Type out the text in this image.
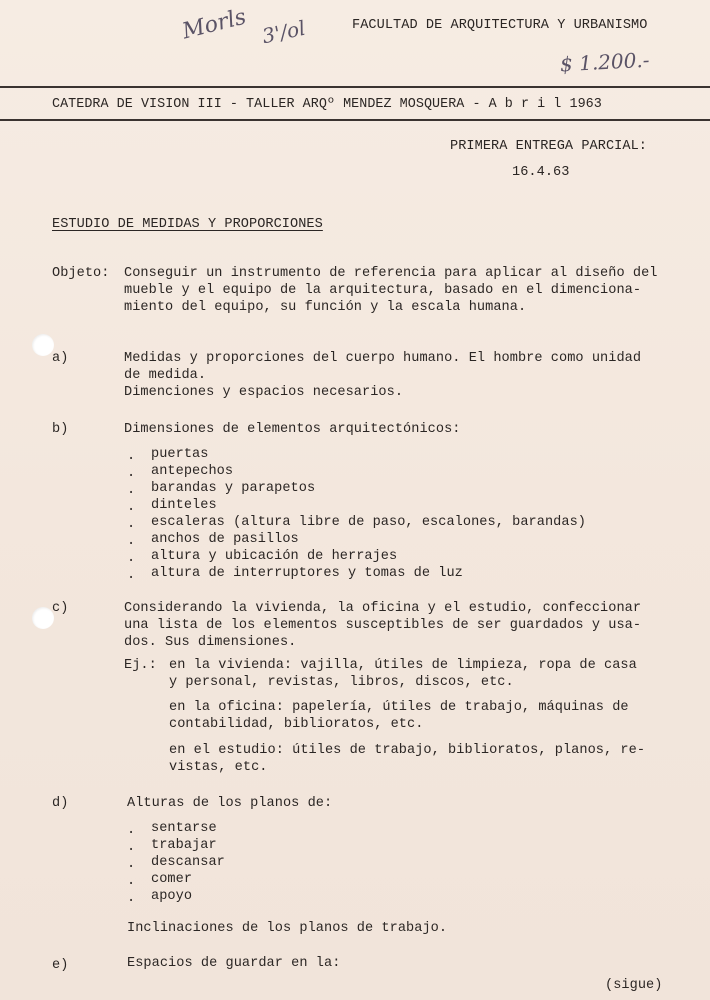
Morls 3'/ol
$ 1.200.-
FACULTAD DE ARQUITECTURA Y URBANISMO
CATEDRA DE VISION III - TALLER ARQº MENDEZ MOSQUERA - A b r i l 1963
PRIMERA ENTREGA PARCIAL:
16.4.63
ESTUDIO DE MEDIDAS Y PROPORCIONES
Objeto: Conseguir un instrumento de referencia para aplicar al diseño del
mueble y el equipo de la arquitectura, basado en el dimenciona-
miento del equipo, su función y la escala humana.
a)	Medidas y proporciones del cuerpo humano. El hombre como unidad
de medida.
Dimenciones y espacios necesarios.
b)	Dimensiones de elementos arquitectónicos:
. puertas
. antepechos
. barandas y parapetos
. dinteles
. escaleras (altura libre de paso, escalones, barandas)
. anchos de pasillos
. altura y ubicación de herrajes
. altura de interruptores y tomas de luz
c)	Considerando la vivienda, la oficina y el estudio, confeccionar
una lista de los elementos susceptibles de ser guardados y usa-
dos. Sus dimensiones.
Ej.: en la vivienda: vajilla, útiles de limpieza, ropa de casa
y personal, revistas, libros, discos, etc.
en la oficina: papelería, útiles de trabajo, máquinas de
contabilidad, biblioratos, etc.
en el estudio: útiles de trabajo, biblioratos, planos, re-
vistas, etc.
d)	Alturas de los planos de:
. sentarse
. trabajar
. descansar
. comer
. apoyo
Inclinaciones de los planos de trabajo.
e)	Espacios de guardar en la:
(sigue)
